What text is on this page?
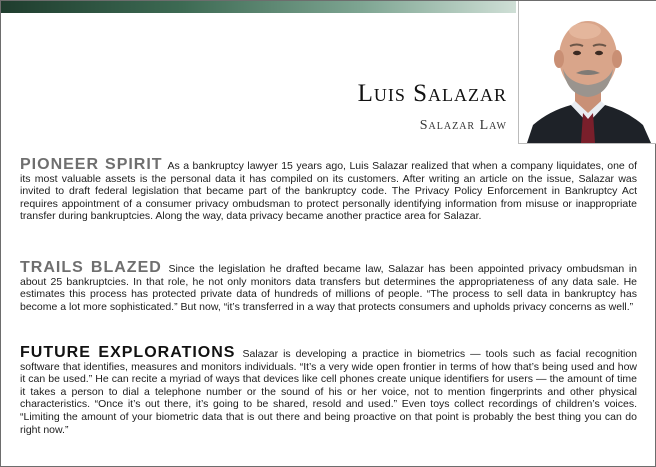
Luis Salazar
Salazar Law

PIONEER SPIRIT As a bankruptcy lawyer 15 years ago, Luis Salazar realized that when a company liquidates, one of its most valuable assets is the personal data it has compiled on its customers. After writing an article on the issue, Salazar was invited to draft federal legislation that became part of the bankruptcy code. The Privacy Policy Enforcement in Bankruptcy Act requires appointment of a consumer privacy ombudsman to protect personally identifying information from misuse or inappropriate transfer during bankruptcies. Along the way, data privacy became another practice area for Salazar.

TRAILS BLAZED Since the legislation he drafted became law, Salazar has been appointed privacy ombudsman in about 25 bankruptcies. In that role, he not only monitors data transfers but determines the appropriateness of any data sale. He estimates this process has protected private data of hundreds of millions of people. “The process to sell data in bankruptcy has become a lot more sophisticated.” But now, “it’s transferred in a way that protects consumers and upholds privacy concerns as well.”

FUTURE EXPLORATIONS Salazar is developing a practice in biometrics — tools such as facial recognition software that identifies, measures and monitors individuals. “It’s a very wide open frontier in terms of how that’s being used and how it can be used.” He can recite a myriad of ways that devices like cell phones create unique identifiers for users — the amount of time it takes a person to dial a telephone number or the sound of his or her voice, not to mention fingerprints and other physical characteristics. “Once it’s out there, it’s going to be shared, resold and used.” Even toys collect recordings of children’s voices. “Limiting the amount of your biometric data that is out there and being proactive on that point is probably the best thing you can do right now.”
